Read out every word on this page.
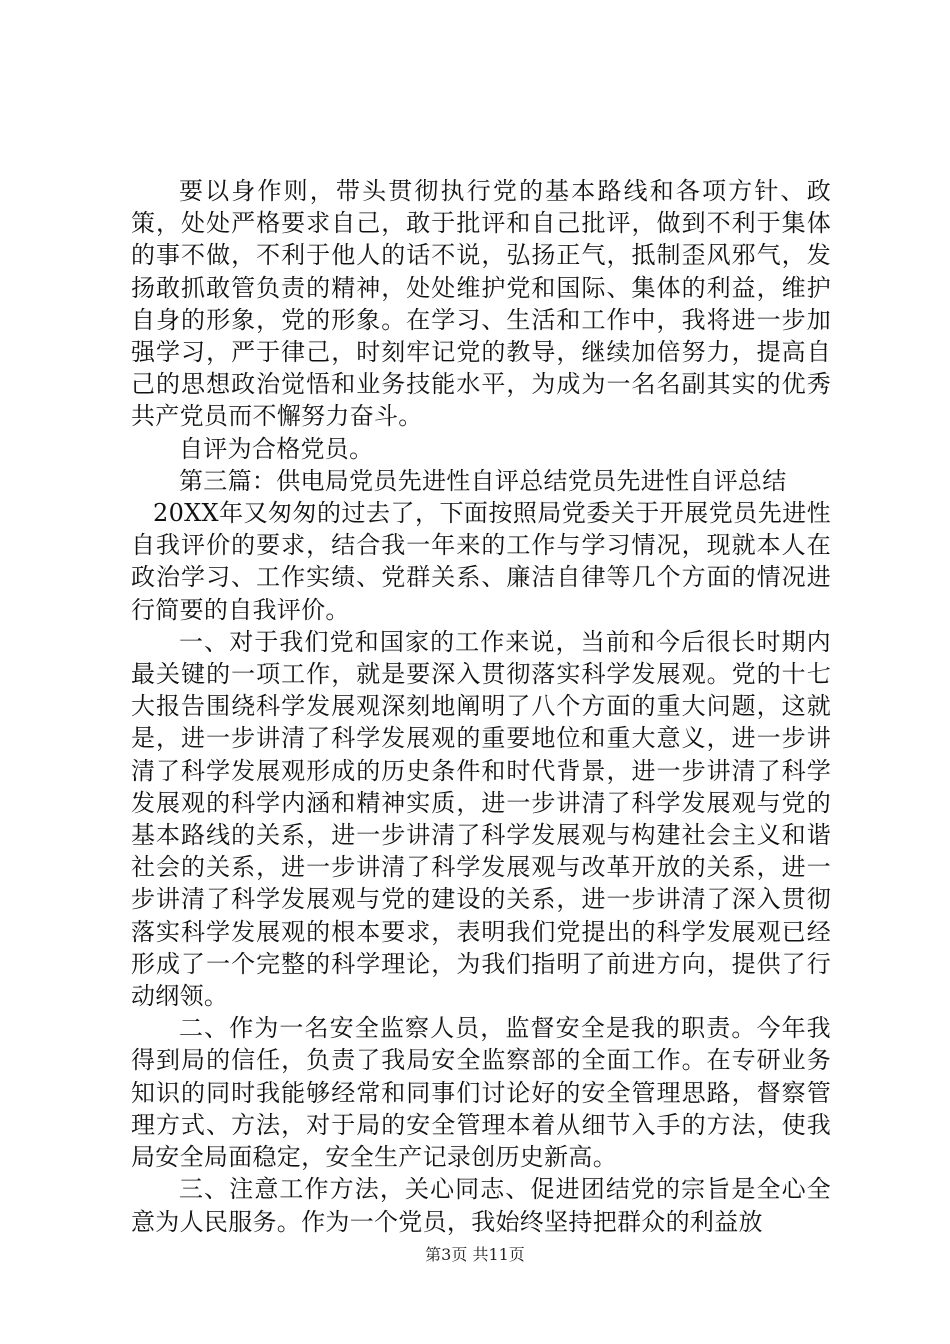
要以身作则，带头贯彻执行党的基本路线和各项方针、政策，处处严格要求自己，敢于批评和自己批评，做到不利于集体的事不做，不利于他人的话不说，弘扬正气，抵制歪风邪气，发扬敢抓敢管负责的精神，处处维护党和国际、集体的利益，维护自身的形象，党的形象。在学习、生活和工作中，我将进一步加强学习，严于律己，时刻牢记党的教导，继续加倍努力，提高自己的思想政治觉悟和业务技能水平，为成为一名名副其实的优秀共产党员而不懈努力奋斗。

自评为合格党员。

第三篇：供电局党员先进性自评总结党员先进性自评总结

20XX年又匆匆的过去了，下面按照局党委关于开展党员先进性自我评价的要求，结合我一年来的工作与学习情况，现就本人在政治学习、工作实绩、党群关系、廉洁自律等几个方面的情况进行简要的自我评价。

一、对于我们党和国家的工作来说，当前和今后很长时期内最关键的一项工作，就是要深入贯彻落实科学发展观。党的十七大报告围绕科学发展观深刻地阐明了八个方面的重大问题，这就是，进一步讲清了科学发展观的重要地位和重大意义，进一步讲清了科学发展观形成的历史条件和时代背景，进一步讲清了科学发展观的科学内涵和精神实质，进一步讲清了科学发展观与党的基本路线的关系，进一步讲清了科学发展观与构建社会主义和谐社会的关系，进一步讲清了科学发展观与改革开放的关系，进一步讲清了科学发展观与党的建设的关系，进一步讲清了深入贯彻落实科学发展观的根本要求，表明我们党提出的科学发展观已经形成了一个完整的科学理论，为我们指明了前进方向，提供了行动纲领。

二、作为一名安全监察人员，监督安全是我的职责。今年我得到局的信任，负责了我局安全监察部的全面工作。在专研业务知识的同时我能够经常和同事们讨论好的安全管理思路，督察管理方式、方法，对于局的安全管理本着从细节入手的方法，使我局安全局面稳定，安全生产记录创历史新高。

三、注意工作方法，关心同志、促进团结党的宗旨是全心全意为人民服务。作为一个党员，我始终坚持把群众的利益放

第3页 共11页
